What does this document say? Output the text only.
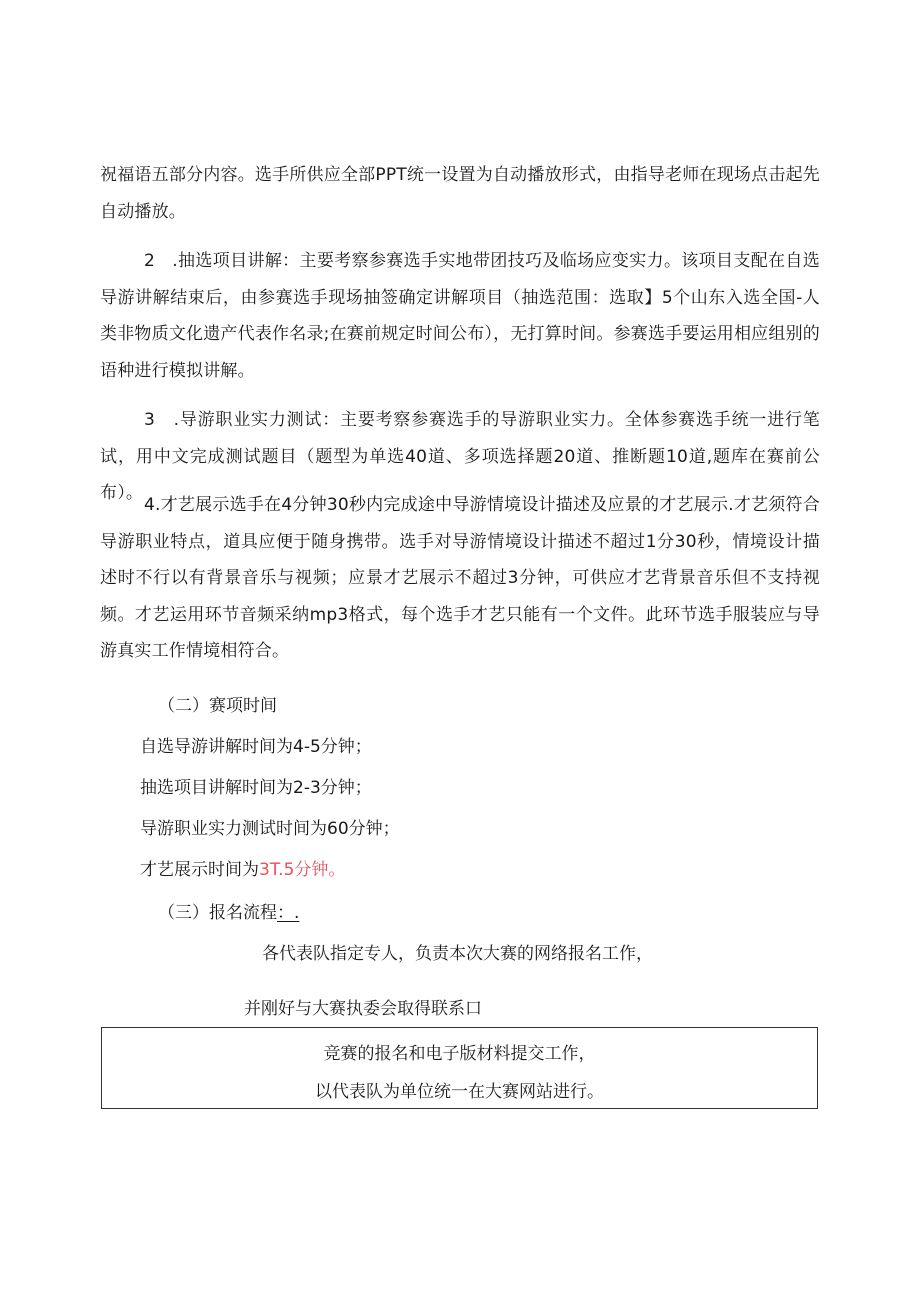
祝福语五部分内容。选手所供应全部PPT统一设置为自动播放形式，由指导老师在现场点击起先自动播放。

2   .抽选项目讲解：主要考察参赛选手实地带团技巧及临场应变实力。该项目支配在自选导游讲解结束后，由参赛选手现场抽签确定讲解项目（抽选范围：选取】5个山东入选全国-人类非物质文化遗产代表作名录;在赛前规定时间公布），无打算时间。参赛选手要运用相应组别的语种进行模拟讲解。

3   .导游职业实力测试：主要考察参赛选手的导游职业实力。全体参赛选手统一进行笔试，用中文完成测试题目（题型为单选40道、多项选择题20道、推断题10道,题库在赛前公布）。

4.才艺展示选手在4分钟30秒内完成途中导游情境设计描述及应景的才艺展示.才艺须符合导游职业特点，道具应便于随身携带。选手对导游情境设计描述不超过1分30秒，情境设计描述时不行以有背景音乐与视频；应景才艺展示不超过3分钟，可供应才艺背景音乐但不支持视频。才艺运用环节音频采纳mp3格式，每个选手才艺只能有一个文件。此环节选手服装应与导游真实工作情境相符合。

（二）赛项时间

自选导游讲解时间为4-5分钟；

抽选项目讲解时间为2-3分钟；

导游职业实力测试时间为60分钟；

才艺展示时间为3T.5分钟。

（三）报名流程：.

各代表队指定专人，负责本次大赛的网络报名工作，

并刚好与大赛执委会取得联系口

竞赛的报名和电子版材料提交工作，
以代表队为单位统一在大赛网站进行。
